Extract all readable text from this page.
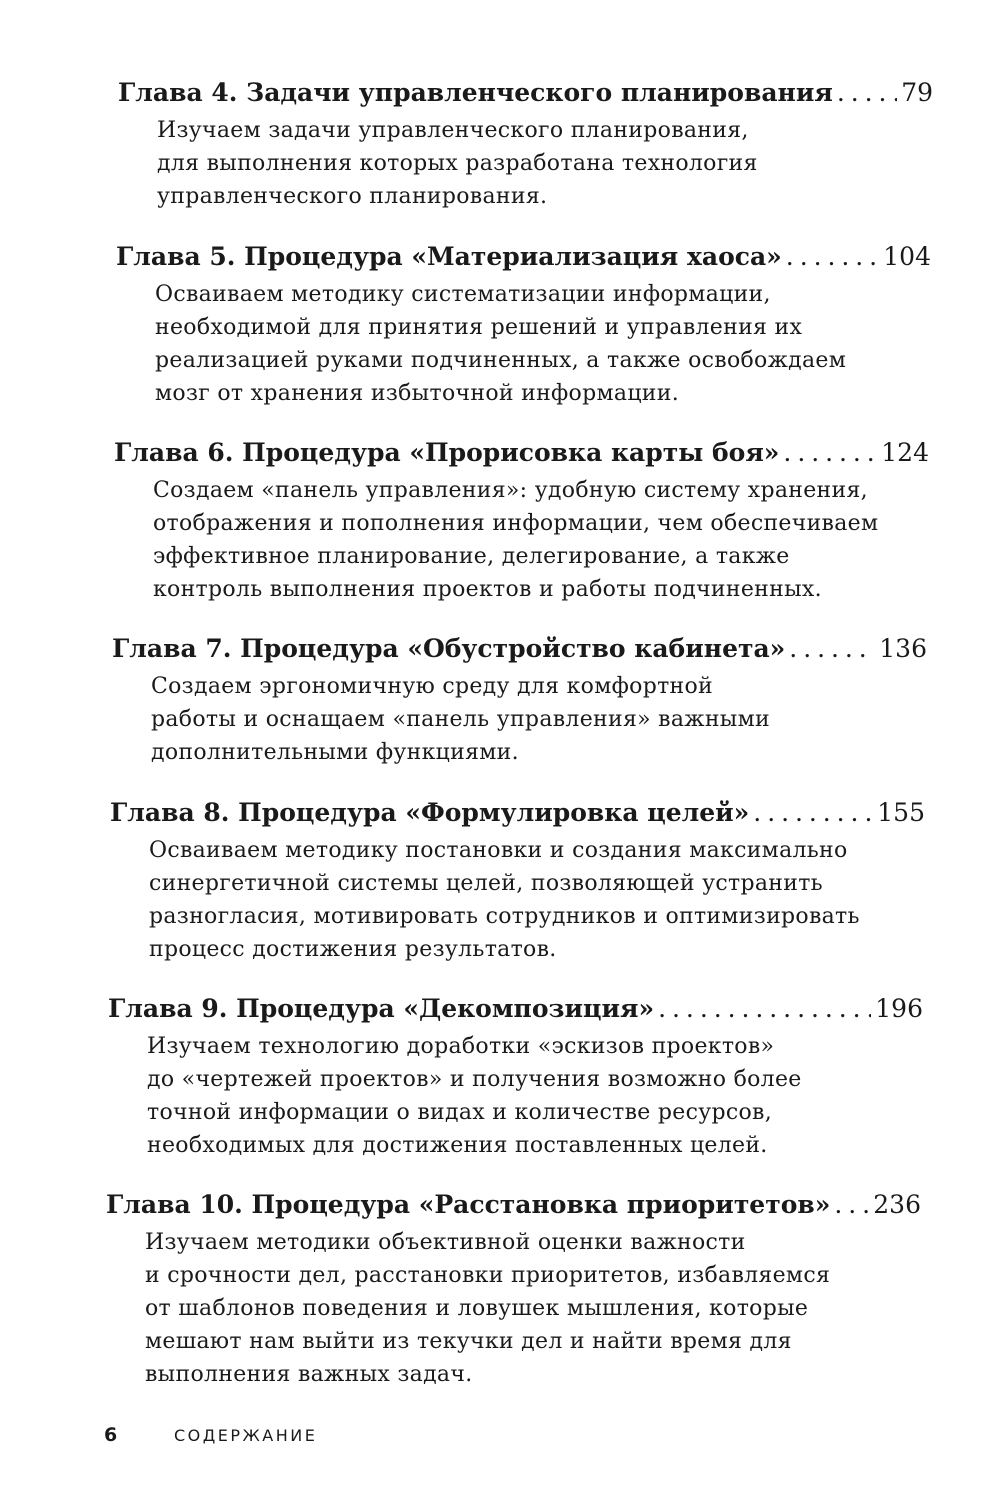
Глава 4. Задачи управленческого планирования . . .	79
Изучаем задачи управленческого планирования,
для выполнения которых разработана технология
управленческого планирования.
Глава 5. Процедура «Материализация хаоса» . . .	104
Осваиваем методику систематизации информации,
необходимой для принятия решений и управления их
реализацией руками подчиненных, а также освобождаем
мозг от хранения избыточной информации.
Глава 6. Процедура «Прорисовка карты боя» . . .	124
Создаем «панель управления»: удобную систему хранения,
отображения и пополнения информации, чем обеспечиваем
эффективное планирование, делегирование, а также
контроль выполнения проектов и работы подчиненных.
Глава 7. Процедура «Обустройство кабинета» . . .	136
Создаем эргономичную среду для комфортной
работы и оснащаем «панель управления» важными
дополнительными функциями.
Глава 8. Процедура «Формулировка целей» . . .	155
Осваиваем методику постановки и создания максимально
синергетичной системы целей, позволяющей устранить
разногласия, мотивировать сотрудников и оптимизировать
процесс достижения результатов.
Глава 9. Процедура «Декомпозиция» . . .	196
Изучаем технологию доработки «эскизов проектов»
до «чертежей проектов» и получения возможно более
точной информации о видах и количестве ресурсов,
необходимых для достижения поставленных целей.
Глава 10. Процедура «Расстановка приоритетов» . . . 236
Изучаем методики объективной оценки важности
и срочности дел, расстановки приоритетов, избавляемся
от шаблонов поведения и ловушек мышления, которые
мешают нам выйти из текучки дел и найти время для
выполнения важных задач.
6	СОДЕРЖАНИЕ
